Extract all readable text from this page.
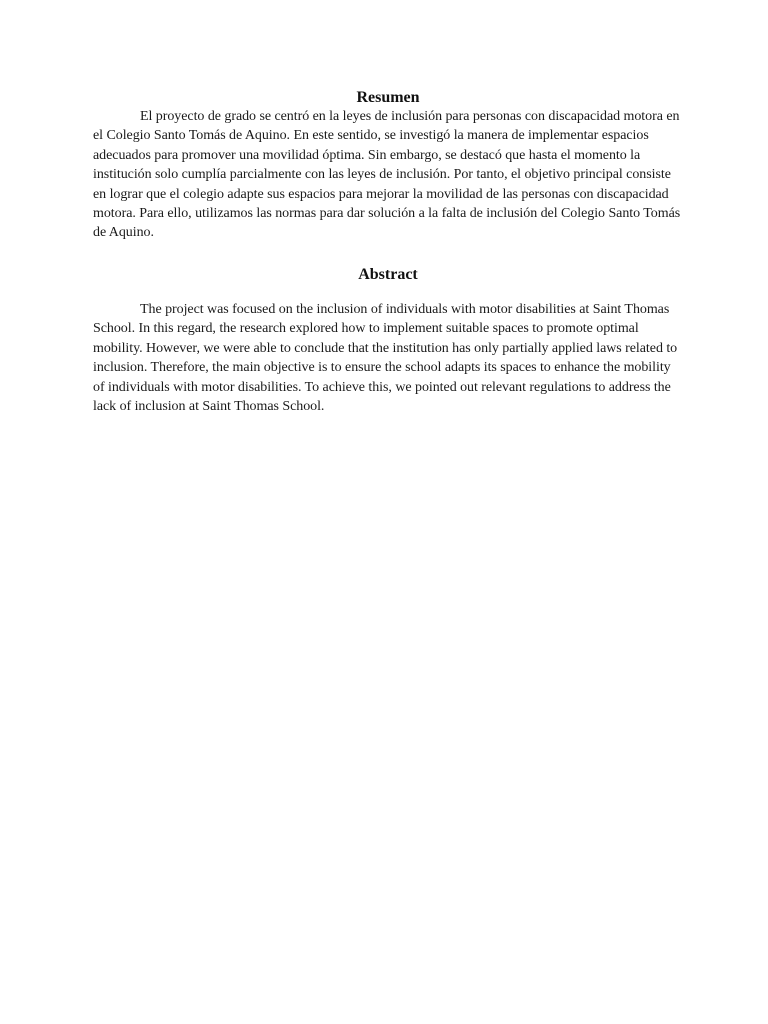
Resumen

El proyecto de grado se centró en la leyes de inclusión para personas con discapacidad motora en el Colegio Santo Tomás de Aquino. En este sentido, se investigó la manera de implementar espacios adecuados para promover una movilidad óptima. Sin embargo, se destacó que hasta el momento la institución solo cumplía parcialmente con las leyes de inclusión. Por tanto, el objetivo principal consiste en lograr que el colegio adapte sus espacios para mejorar la movilidad de las personas con discapacidad motora. Para ello, utilizamos las normas para dar solución a la falta de inclusión del Colegio Santo Tomás de Aquino.

Abstract

The project was focused on the inclusion of individuals with motor disabilities at Saint Thomas School. In this regard, the research explored how to implement suitable spaces to promote optimal mobility. However, we were able to conclude that the institution has only partially applied laws related to inclusion. Therefore, the main objective is to ensure the school adapts its spaces to enhance the mobility of individuals with motor disabilities. To achieve this, we pointed out relevant regulations to address the lack of inclusion at Saint Thomas School.
